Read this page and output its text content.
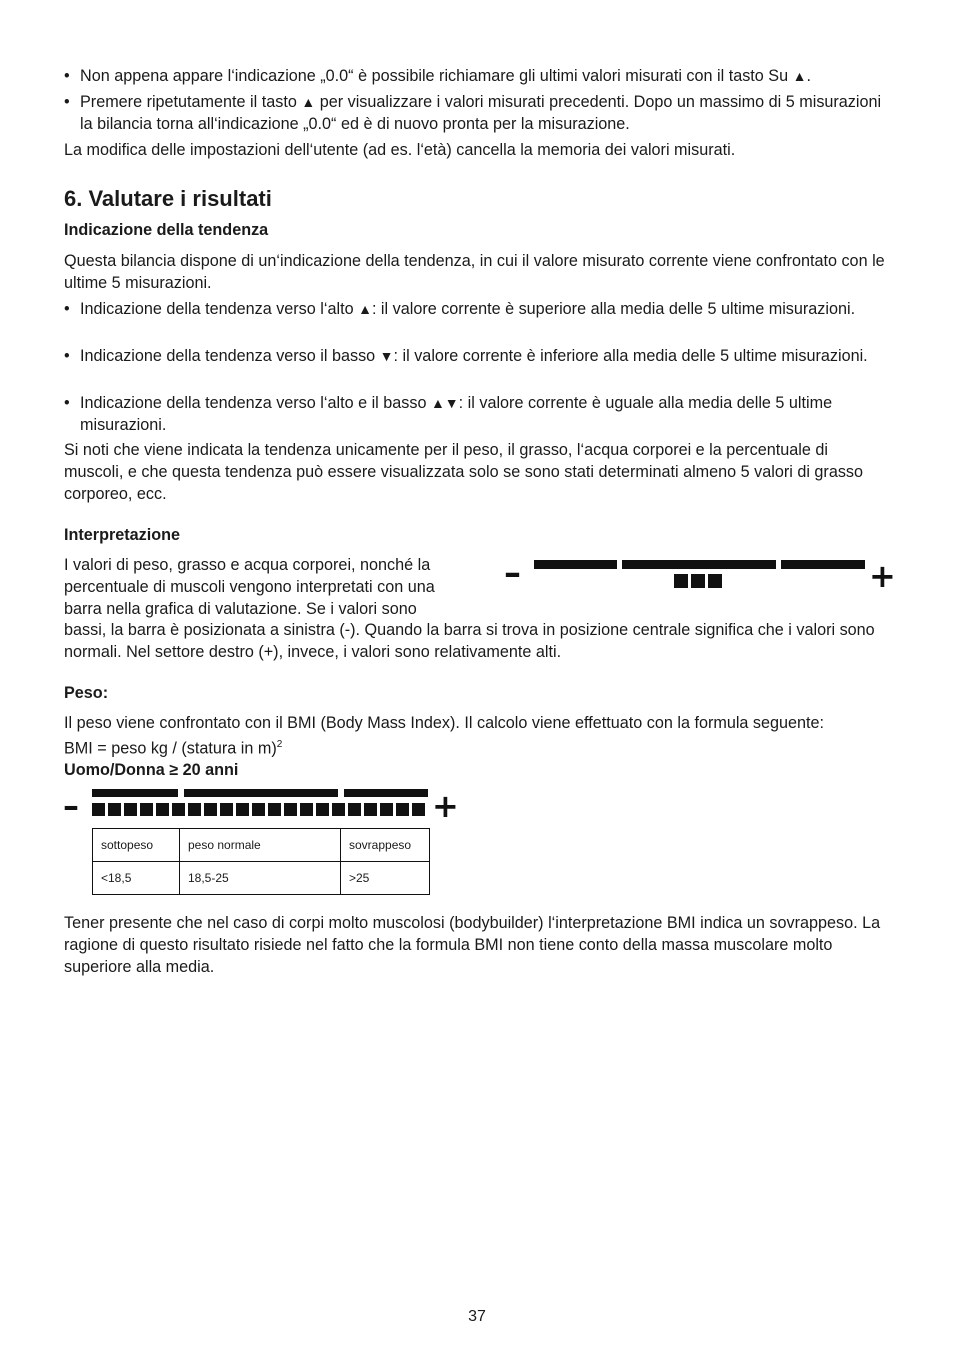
• Non appena appare l‘indicazione „0.0“ è possibile richiamare gli ultimi valori misurati con il tasto Su ▲.
• Premere ripetutamente il tasto ▲ per visualizzare i valori misurati precedenti. Dopo un massimo di 5 misurazioni la bilancia torna all‘indicazione „0.0“ ed è di nuovo pronta per la misurazione.

La modifica delle impostazioni dell‘utente (ad es. l‘età) cancella la memoria dei valori misurati.

6. Valutare i risultati
Indicazione della tendenza

Questa bilancia dispone di un‘indicazione della tendenza, in cui il valore misurato corrente viene confrontato con le ultime 5 misurazioni.

• Indicazione della tendenza verso l‘alto ▲: il valore corrente è superiore alla media delle 5 ultime misurazioni.
• Indicazione della tendenza verso il basso ▼: il valore corrente è inferiore alla media delle 5 ultime misurazioni.
• Indicazione della tendenza verso l‘alto e il basso ▲▼: il valore corrente è uguale alla media delle 5 ultime misurazioni.

Si noti che viene indicata la tendenza unicamente per il peso, il grasso, l‘acqua corporei e la percentuale di muscoli, e che questa tendenza può essere visualizzata solo se sono stati determinati almeno 5 valori di grasso corporeo, ecc.

Interpretazione

I valori di peso, grasso e acqua corporei, nonché la percentuale di muscoli vengono interpretati con una barra nella grafica di valutazione. Se i valori sono

bassi, la barra è posizionata a sinistra (-). Quando la barra si trova in posizione centrale significa che i valori sono normali. Nel settore destro (+), invece, i valori sono relativamente alti.

–	+
Peso:

Il peso viene confrontato con il BMI (Body Mass Index). Il calcolo viene effettuato con la formula seguente:

BMI = peso kg / (statura in m)$^2$

Uomo/Donna ≥ 20 anni
–	+
sottopeso	peso normale	sovrappeso
<18,5	18,5-25	>25

Tener presente che nel caso di corpi molto muscolosi (bodybuilder) l‘interpretazione BMI indica un sovrappeso. La ragione di questo risultato risiede nel fatto che la formula BMI non tiene conto della massa muscolare molto superiore alla media.

37
